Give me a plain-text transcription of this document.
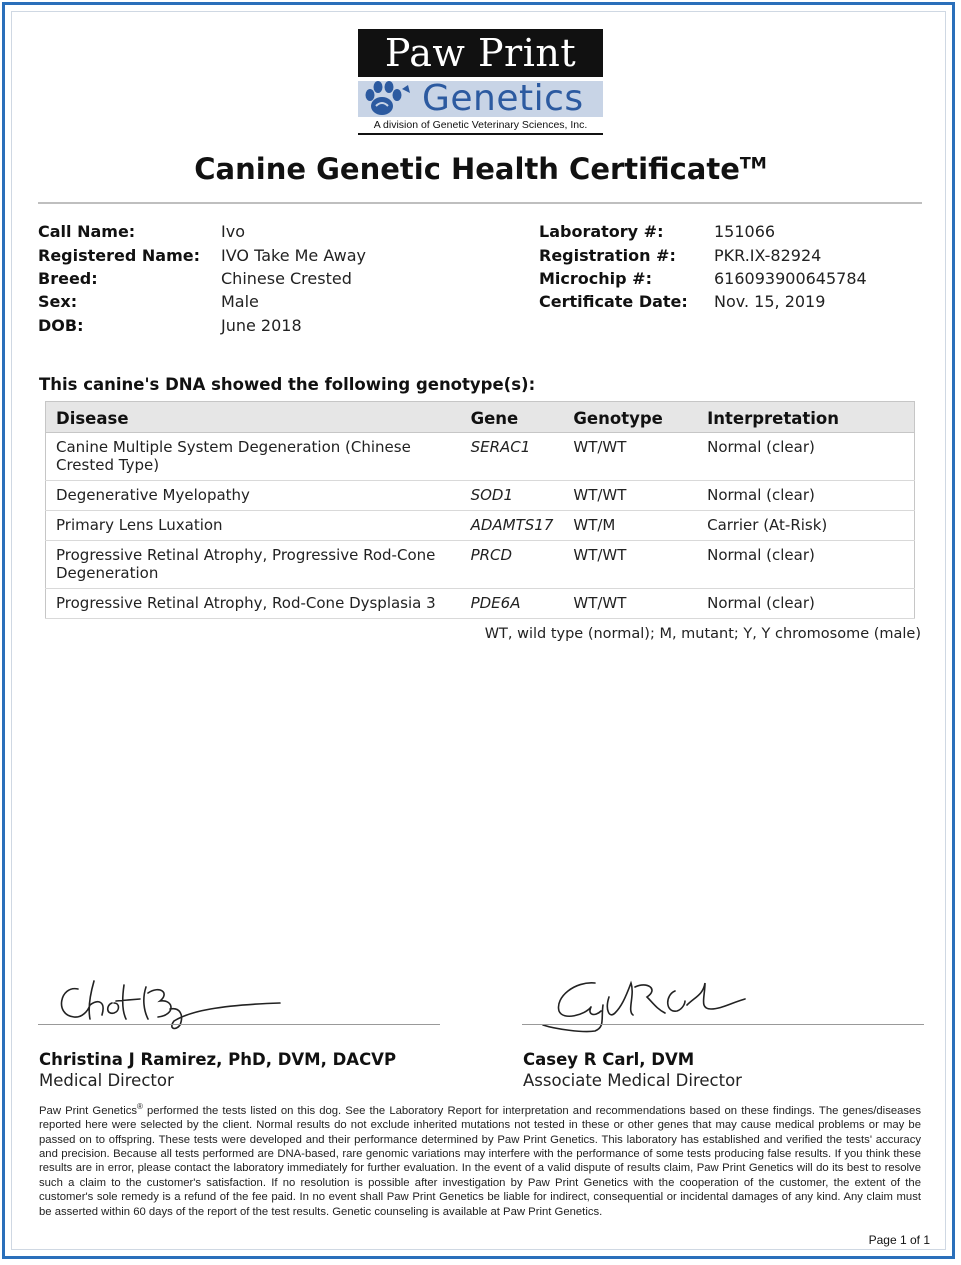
Paw Print
Genetics
A division of Genetic Veterinary Sciences, Inc.
Canine Genetic Health Certificate™
Call Name:	Ivo
Registered Name: IVO Take Me Away
Breed:	Chinese Crested
Sex:	Male
DOB:	June 2018
Laboratory #:	151066
Registration #: PKR.IX-82924
Microchip #:	616093900645784
Certificate Date: Nov. 15, 2019
This canine's DNA showed the following genotype(s):
Disease	Gene	Genotype	Interpretation
Canine Multiple System Degeneration (Chinese Crested Type)	SERAC1	WT/WT	Normal (clear)
Degenerative Myelopathy	SOD1	WT/WT	Normal (clear)
Primary Lens Luxation	ADAMTS17	WT/M	Carrier (At-Risk)
Progressive Retinal Atrophy, Progressive Rod-Cone Degeneration	PRCD	WT/WT	Normal (clear)
Progressive Retinal Atrophy, Rod-Cone Dysplasia 3	PDE6A	WT/WT	Normal (clear)
WT, wild type (normal); M, mutant; Y, Y chromosome (male)
Christina J Ramirez, PhD, DVM, DACVP
Medical Director
Casey R Carl, DVM
Associate Medical Director
Paw Print Genetics® performed the tests listed on this dog. See the Laboratory Report for interpretation and recommendations based on these findings. The genes/diseases reported here were selected by the client. Normal results do not exclude inherited mutations not tested in these or other genes that may cause medical problems or may be passed on to offspring. These tests were developed and their performance determined by Paw Print Genetics. This laboratory has established and verified the tests' accuracy and precision. Because all tests performed are DNA-based, rare genomic variations may interfere with the performance of some tests producing false results. If you think these results are in error, please contact the laboratory immediately for further evaluation. In the event of a valid dispute of results claim, Paw Print Genetics will do its best to resolve such a claim to the customer's satisfaction. If no resolution is possible after investigation by Paw Print Genetics with the cooperation of the customer, the extent of the customer's sole remedy is a refund of the fee paid. In no event shall Paw Print Genetics be liable for indirect, consequential or incidental damages of any kind. Any claim must be asserted within 60 days of the report of the test results. Genetic counseling is available at Paw Print Genetics.
Page 1 of 1
